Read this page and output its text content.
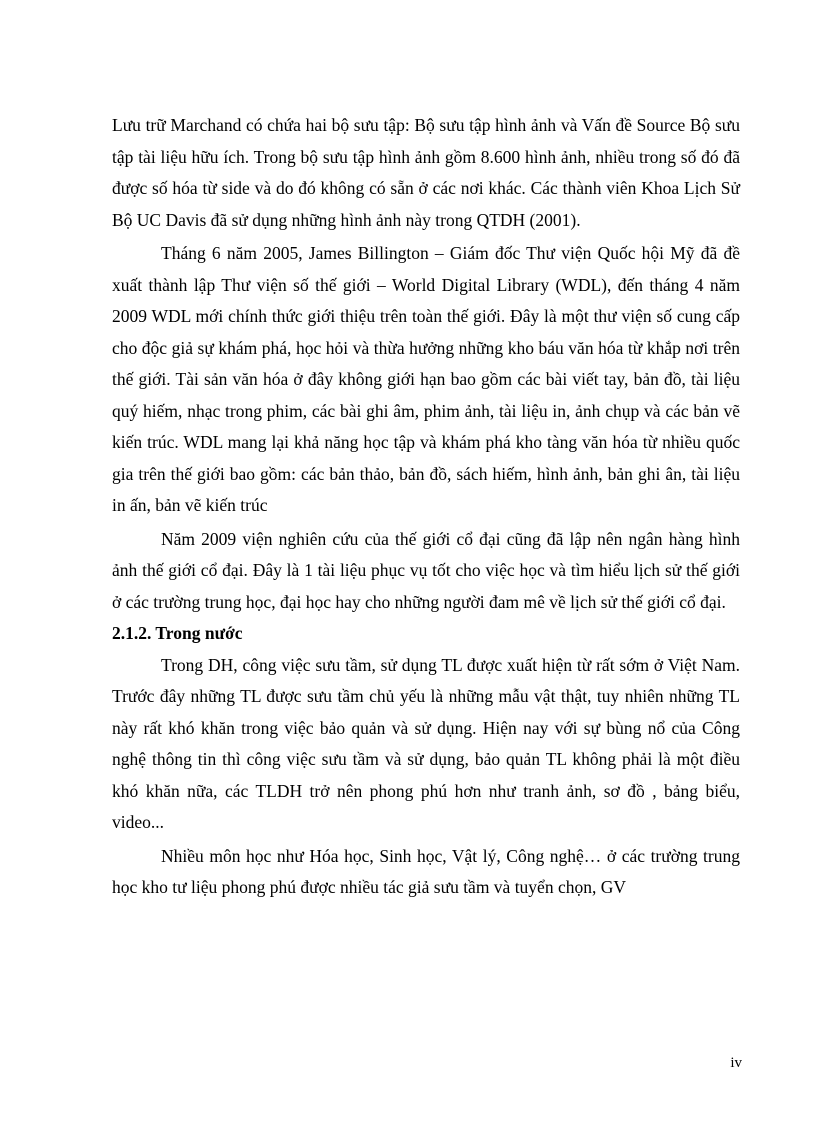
Lưu trữ Marchand có chứa hai bộ sưu tập: Bộ sưu tập hình ảnh và Vấn đề Source Bộ sưu tập tài liệu hữu ích. Trong bộ sưu tập hình ảnh gồm 8.600 hình ảnh, nhiều trong số đó đã được số hóa từ side và do đó không có sẵn ở các nơi khác. Các thành viên Khoa Lịch Sử Bộ UC Davis đã sử dụng những hình ảnh này trong QTDH (2001).

Tháng 6 năm 2005, James Billington – Giám đốc Thư viện Quốc hội Mỹ đã đề xuất thành lập Thư viện số thế giới – World Digital Library (WDL), đến tháng 4 năm 2009 WDL mới chính thức giới thiệu trên toàn thế giới. Đây là một thư viện số cung cấp cho độc giả sự khám phá, học hỏi và thừa hưởng những kho báu văn hóa từ khắp nơi trên thế giới. Tài sản văn hóa ở đây không giới hạn bao gồm các bài viết tay, bản đồ, tài liệu quý hiếm, nhạc trong phim, các bài ghi âm, phim ảnh, tài liệu in, ảnh chụp và các bản vẽ kiến trúc. WDL mang lại khả năng học tập và khám phá kho tàng văn hóa từ nhiều quốc gia trên thế giới bao gồm: các bản thảo, bản đồ, sách hiếm, hình ảnh, bản ghi ân, tài liệu in ấn, bản vẽ kiến trúc

Năm 2009 viện nghiên cứu của thế giới cổ đại cũng đã lập nên ngân hàng hình ảnh thế giới cổ đại. Đây là 1 tài liệu phục vụ tốt cho việc học và tìm hiểu lịch sử thế giới ở các trường trung học, đại học hay cho những người đam mê về lịch sử thế giới cổ đại.

2.1.2. Trong nước

Trong DH, công việc sưu tầm, sử dụng TL được xuất hiện từ rất sớm ở Việt Nam. Trước đây những TL được sưu tầm chủ yếu là những mẫu vật thật, tuy nhiên những TL này rất khó khăn trong việc bảo quản và sử dụng. Hiện nay với sự bùng nổ của Công nghệ thông tin thì công việc sưu tầm và sử dụng, bảo quản TL không phải là một điều khó khăn nữa, các TLDH trở nên phong phú hơn như tranh ảnh, sơ đồ , bảng biểu, video...

Nhiều môn học như Hóa học, Sinh học, Vật lý, Công nghệ… ở các trường trung học kho tư liệu phong phú được nhiều tác giả sưu tầm và tuyển chọn, GV

iv
